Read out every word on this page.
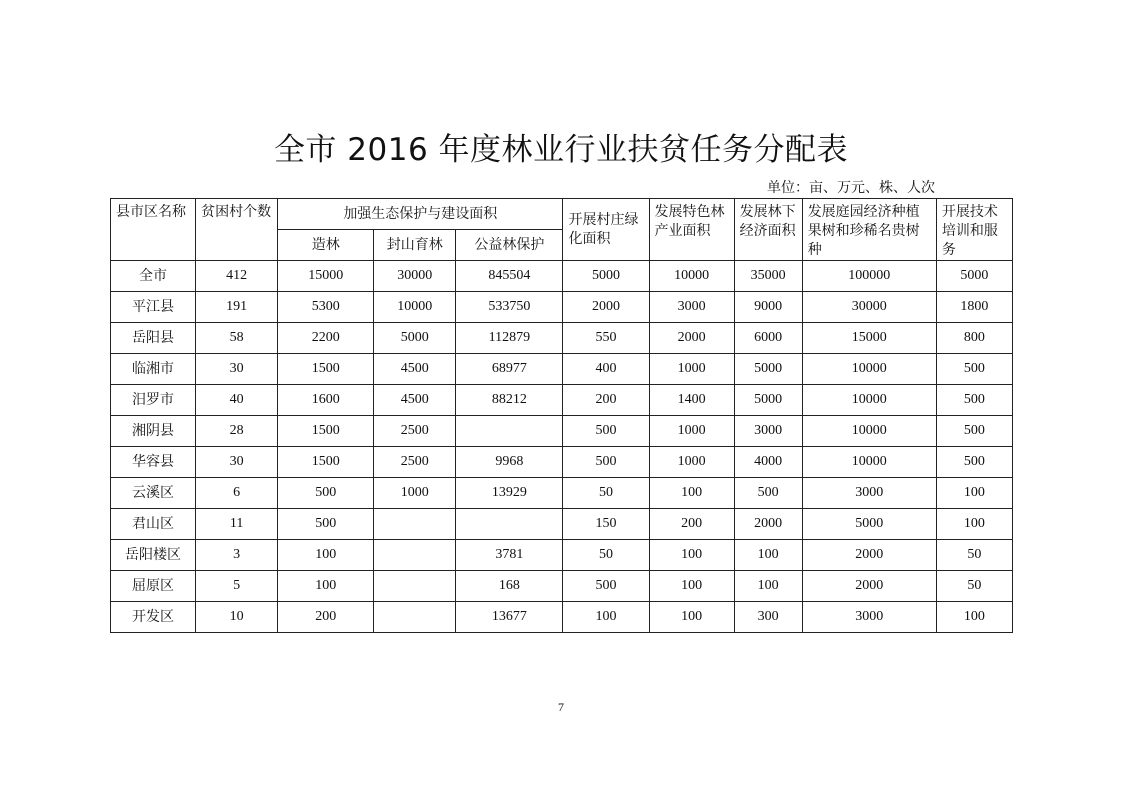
全市 2016 年度林业行业扶贫任务分配表
单位：亩、万元、株、人次
县市区名称	贫困村个数	加强生态保护与建设面积			开展村庄绿化面积	发展特色林产业面积	发展林下经济面积	发展庭园经济种植果树和珍稀名贵树种	开展技术培训和服务
		造林	封山育林	公益林保护					
全市	412	15000	30000	845504	5000	10000	35000	100000	5000
平江县	191	5300	10000	533750	2000	3000	9000	30000	1800
岳阳县	58	2200	5000	112879	550	2000	6000	15000	800
临湘市	30	1500	4500	68977	400	1000	5000	10000	500
汨罗市	40	1600	4500	88212	200	1400	5000	10000	500
湘阴县	28	1500	2500		500	1000	3000	10000	500
华容县	30	1500	2500	9968	500	1000	4000	10000	500
云溪区	6	500	1000	13929	50	100	500	3000	100
君山区	11	500			150	200	2000	5000	100
岳阳楼区	3	100		3781	50	100	100	2000	50
屈原区	5	100		168	500	100	100	2000	50
开发区	10	200		13677	100	100	300	3000	100
7
